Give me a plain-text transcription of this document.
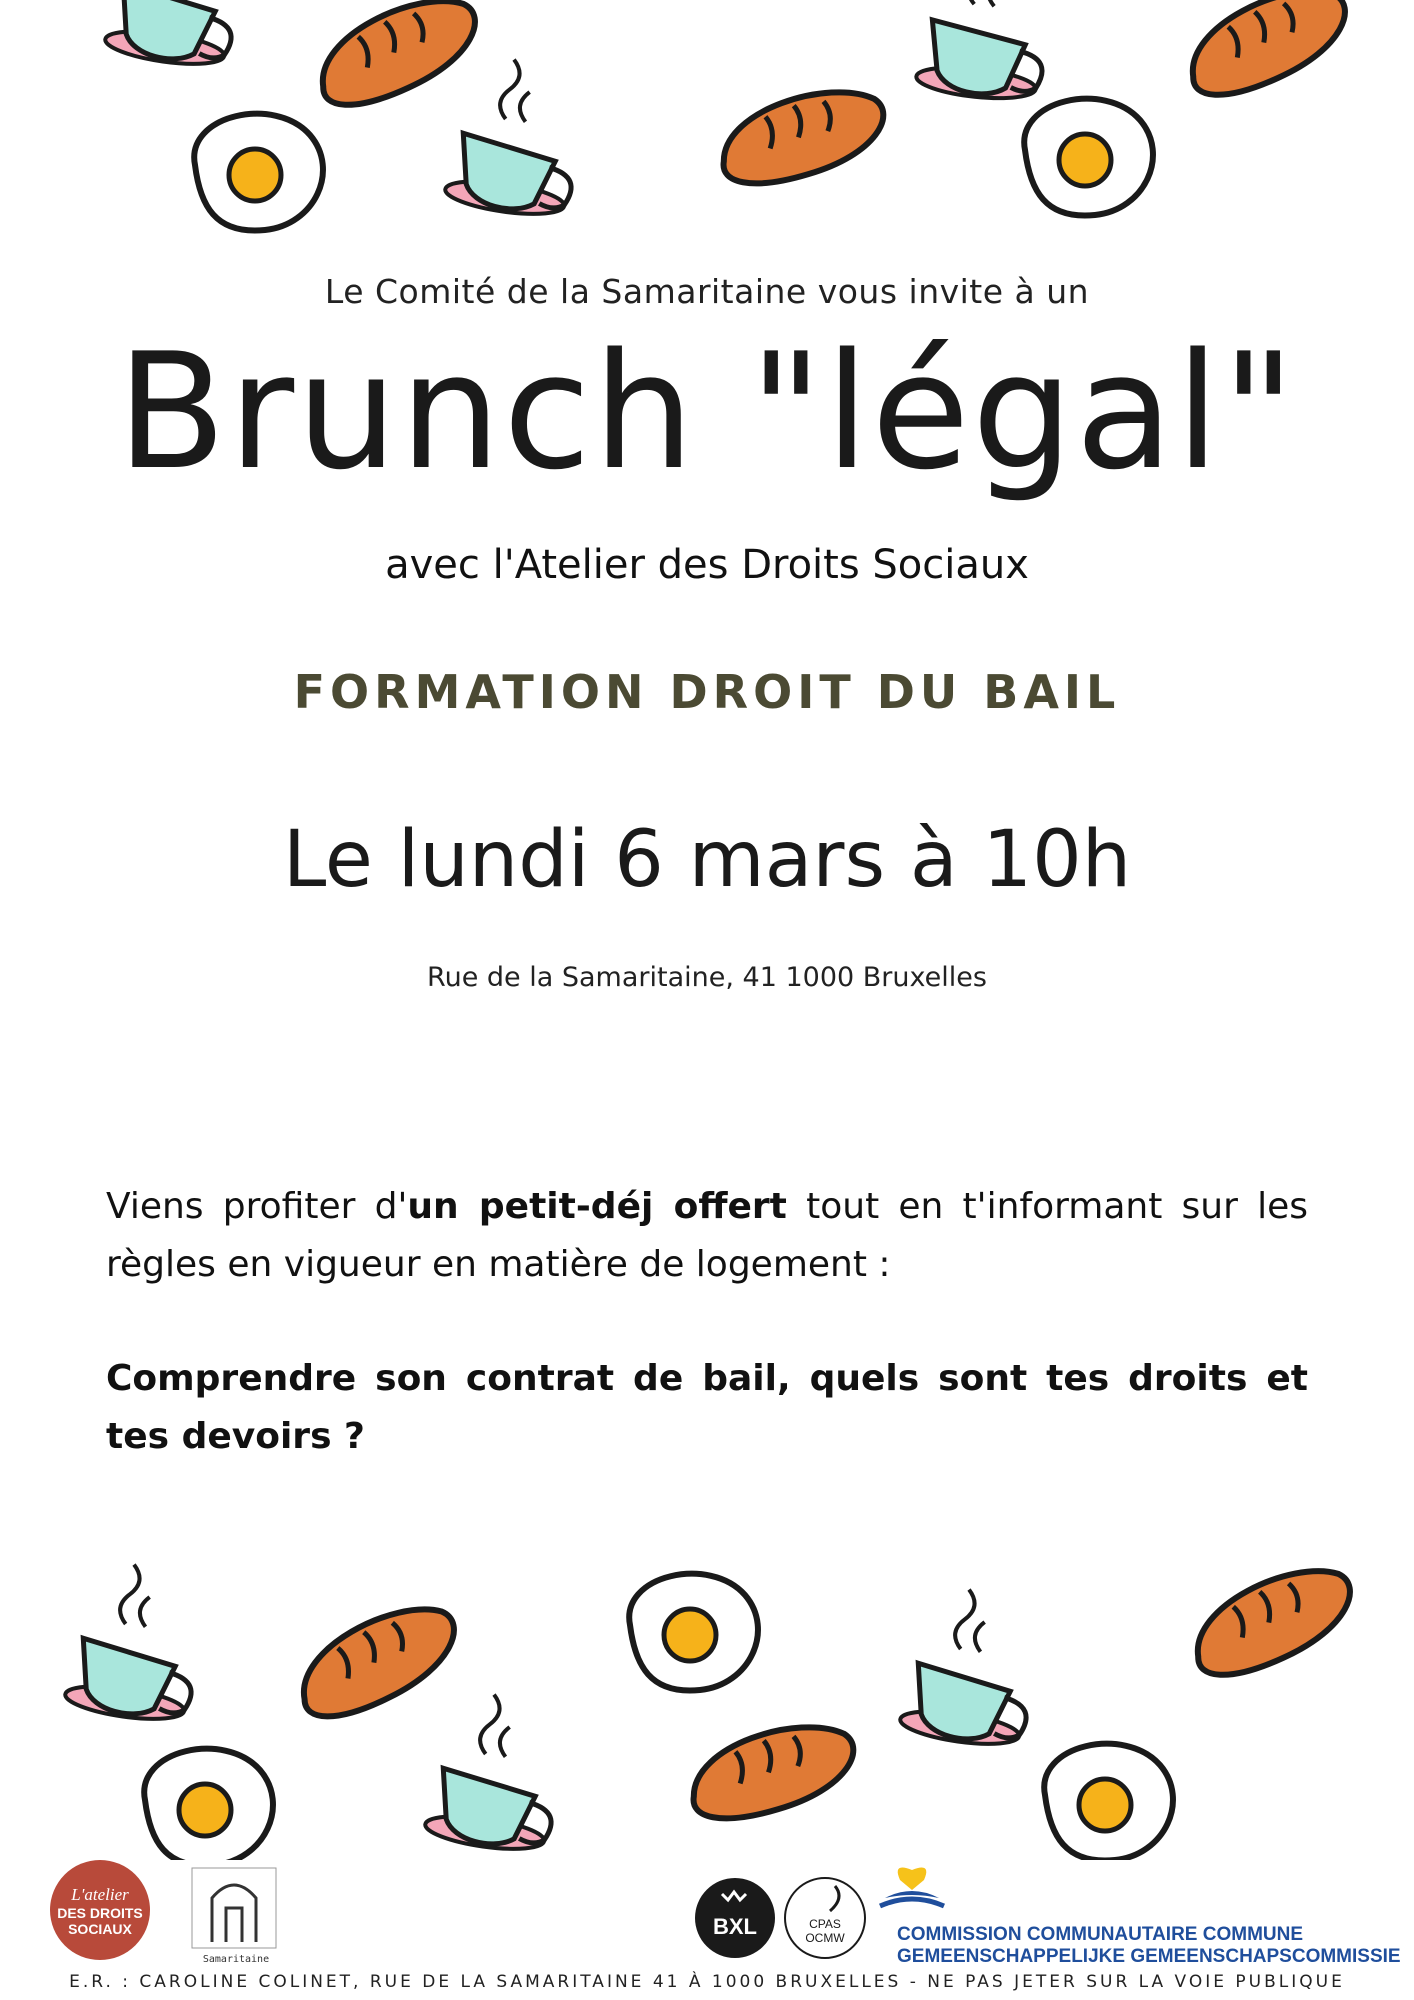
Le Comité de la Samaritaine vous invite à un
Brunch "légal"
avec l'Atelier des Droits Sociaux
FORMATION DROIT DU BAIL
Le lundi 6 mars à 10h
Rue de la Samaritaine, 41 1000 Bruxelles
Viens profiter d'un petit-déj offert tout en t'informant sur les règles en vigueur en matière de logement :
Comprendre son contrat de bail, quels sont tes droits et tes devoirs ?
L'atelier
DES DROITS
SOCIAUX
Samaritaine
BXL	CPAS
OCMW	COMMISSION COMMUNAUTAIRE COMMUNE
GEMEENSCHAPPELIJKE GEMEENSCHAPSCOMMISSIE
E.R. : CAROLINE COLINET, RUE DE LA SAMARITAINE 41 À 1000 BRUXELLES - NE PAS JETER SUR LA VOIE PUBLIQUE
